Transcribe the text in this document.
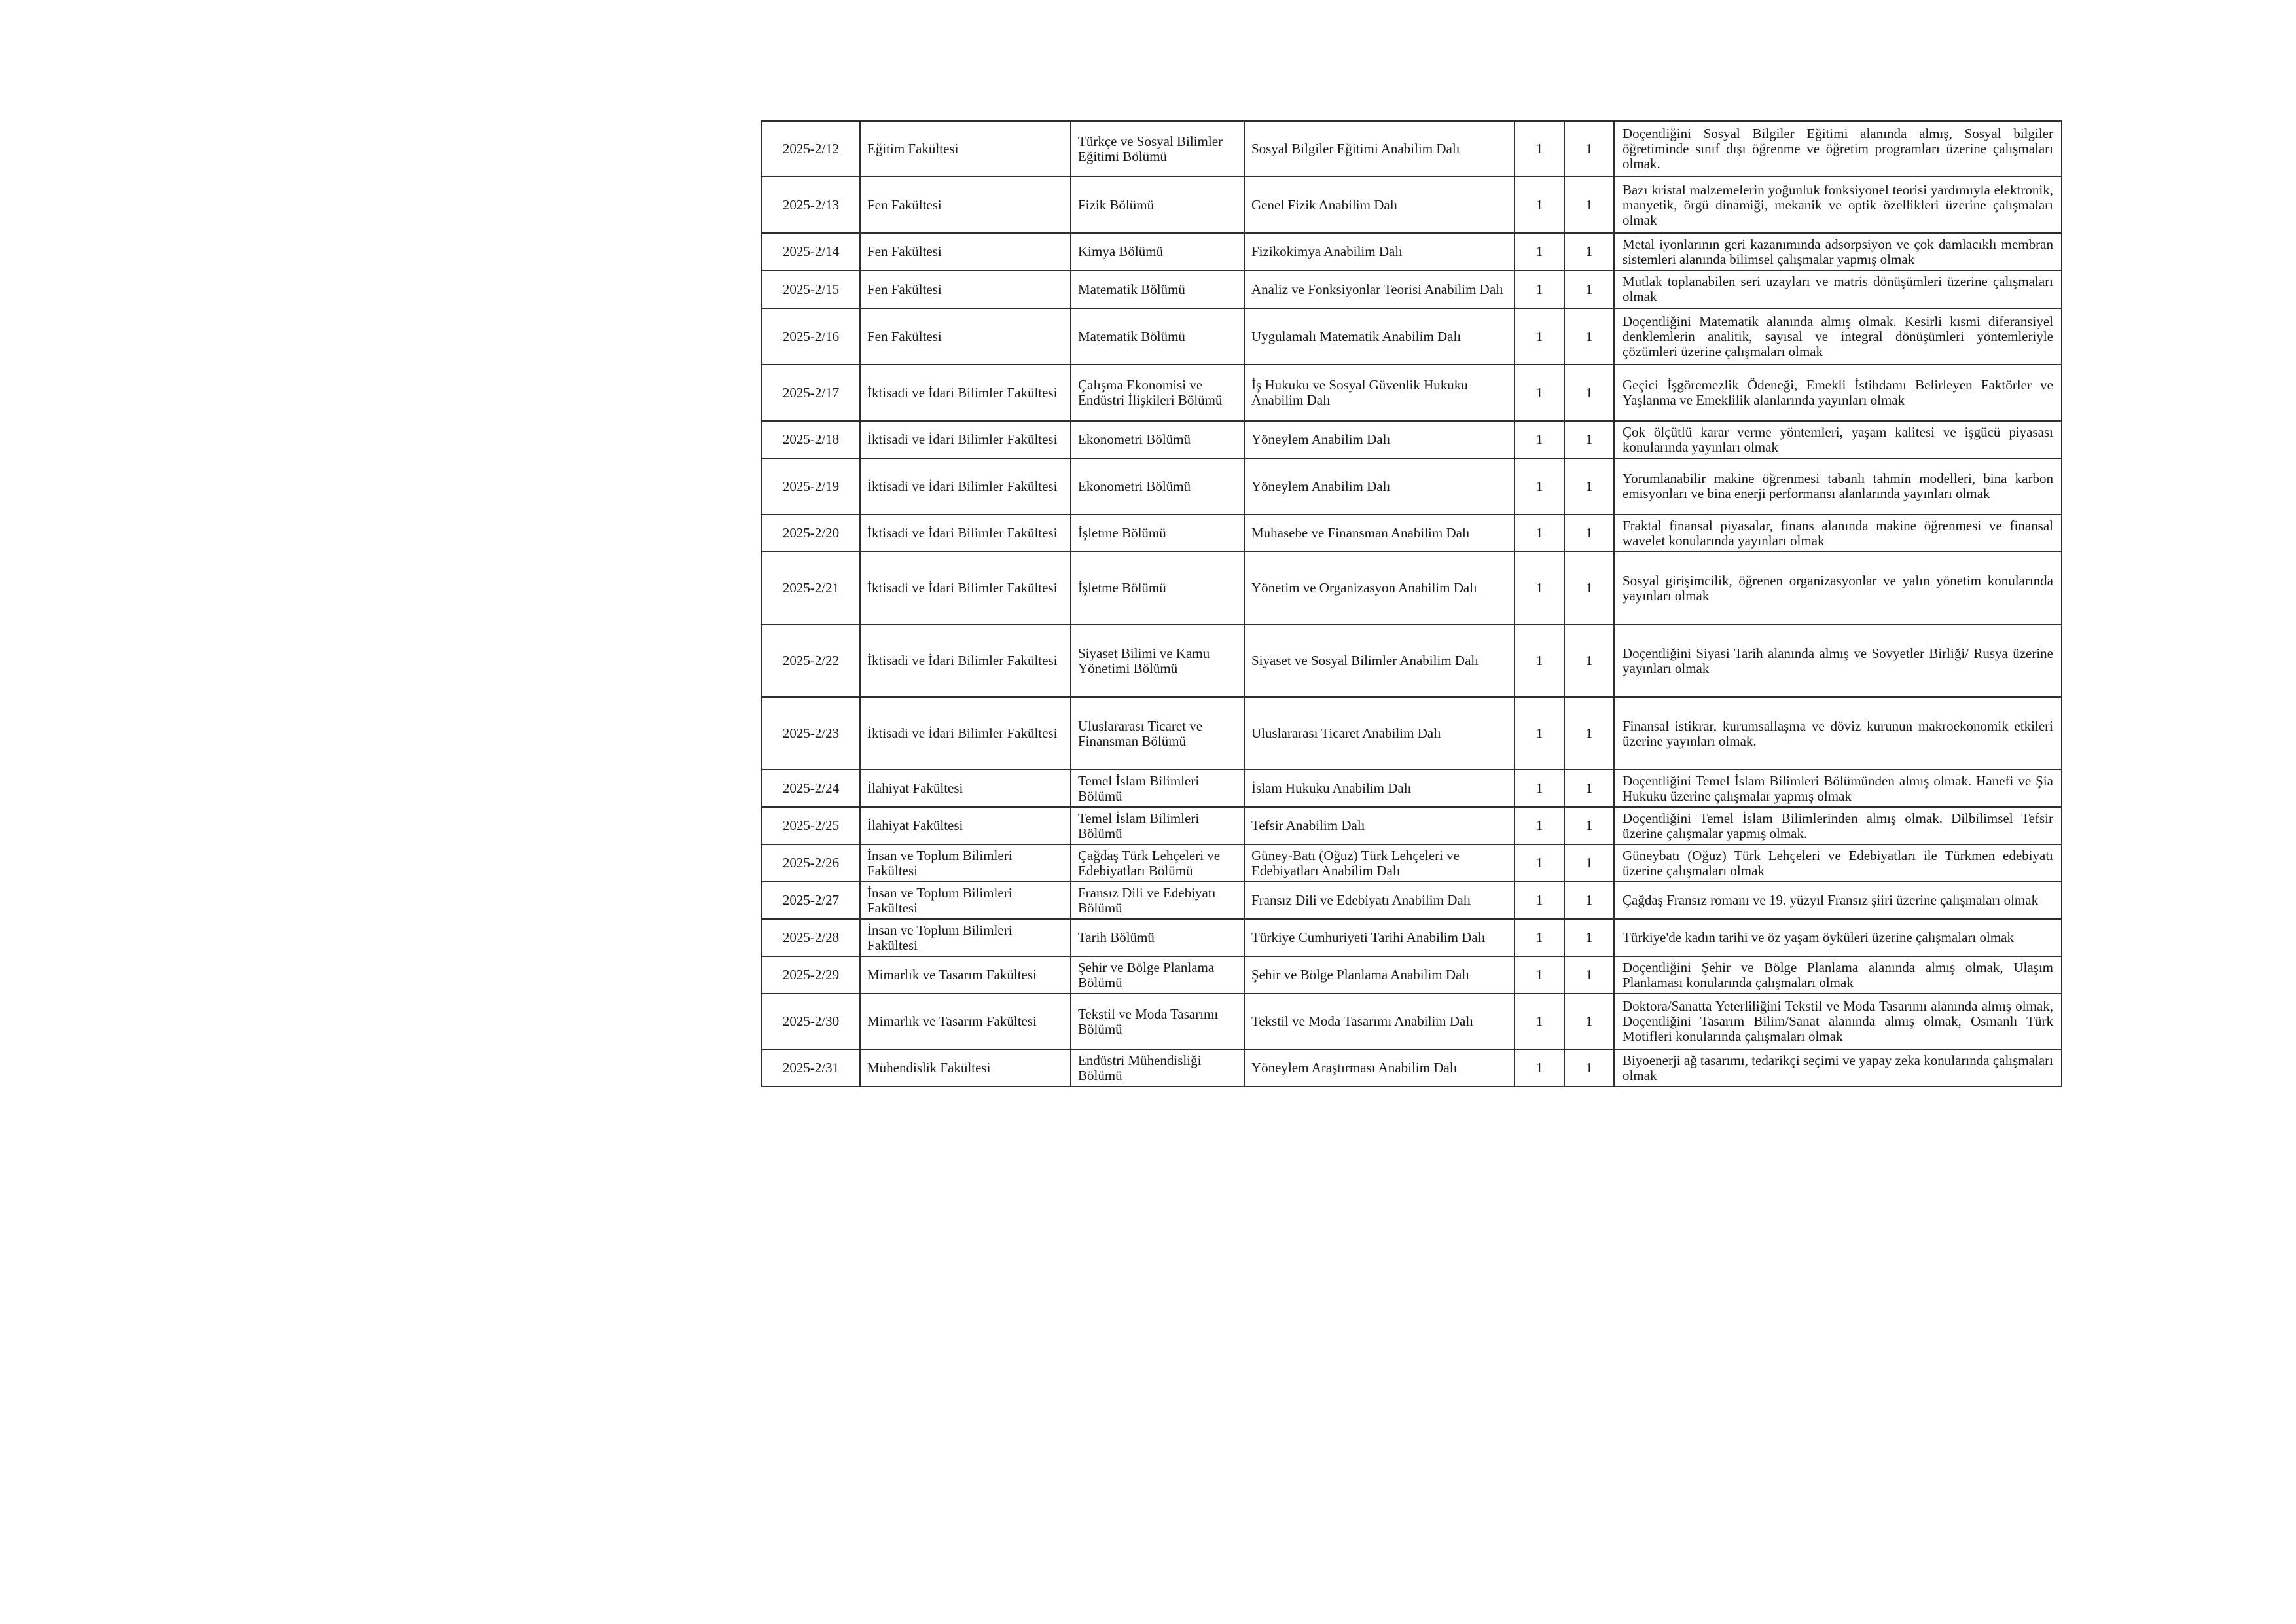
2025-2/12	Eğitim Fakültesi	Türkçe ve Sosyal Bilimler Eğitimi Bölümü	Sosyal Bilgiler Eğitimi Anabilim Dalı	1	1	Doçentliğini Sosyal Bilgiler Eğitimi alanında almış, Sosyal bilgiler öğretiminde sınıf dışı öğrenme ve öğretim programları üzerine çalışmaları olmak.
2025-2/13	Fen Fakültesi	Fizik Bölümü	Genel Fizik Anabilim Dalı	1	1	Bazı kristal malzemelerin yoğunluk fonksiyonel teorisi yardımıyla elektronik, manyetik, örgü dinamiği, mekanik ve optik özellikleri üzerine çalışmaları olmak
2025-2/14	Fen Fakültesi	Kimya Bölümü	Fizikokimya Anabilim Dalı	1	1	Metal iyonlarının geri kazanımında adsorpsiyon ve çok damlacıklı membran sistemleri alanında bilimsel çalışmalar yapmış olmak
2025-2/15	Fen Fakültesi	Matematik Bölümü	Analiz ve Fonksiyonlar Teorisi Anabilim Dalı	1	1	Mutlak toplanabilen seri uzayları ve matris dönüşümleri üzerine çalışmaları olmak
2025-2/16	Fen Fakültesi	Matematik Bölümü	Uygulamalı Matematik Anabilim Dalı	1	1	Doçentliğini Matematik alanında almış olmak. Kesirli kısmi diferansiyel denklemlerin analitik, sayısal ve integral dönüşümleri yöntemleriyle çözümleri üzerine çalışmaları olmak
2025-2/17	İktisadi ve İdari Bilimler Fakültesi	Çalışma Ekonomisi ve Endüstri İlişkileri Bölümü	İş Hukuku ve Sosyal Güvenlik Hukuku Anabilim Dalı	1	1	Geçici İşgöremezlik Ödeneği, Emekli İstihdamı Belirleyen Faktörler ve Yaşlanma ve Emeklilik alanlarında yayınları olmak
2025-2/18	İktisadi ve İdari Bilimler Fakültesi	Ekonometri Bölümü	Yöneylem Anabilim Dalı	1	1	Çok ölçütlü karar verme yöntemleri, yaşam kalitesi ve işgücü piyasası konularında yayınları olmak
2025-2/19	İktisadi ve İdari Bilimler Fakültesi	Ekonometri Bölümü	Yöneylem Anabilim Dalı	1	1	Yorumlanabilir makine öğrenmesi tabanlı tahmin modelleri, bina karbon emisyonları ve bina enerji performansı alanlarında yayınları olmak
2025-2/20	İktisadi ve İdari Bilimler Fakültesi	İşletme Bölümü	Muhasebe ve Finansman Anabilim Dalı	1	1	Fraktal finansal piyasalar, finans alanında makine öğrenmesi ve finansal wavelet konularında yayınları olmak
2025-2/21	İktisadi ve İdari Bilimler Fakültesi	İşletme Bölümü	Yönetim ve Organizasyon Anabilim Dalı	1	1	Sosyal girişimcilik, öğrenen organizasyonlar ve yalın yönetim konularında yayınları olmak
2025-2/22	İktisadi ve İdari Bilimler Fakültesi	Siyaset Bilimi ve Kamu Yönetimi Bölümü	Siyaset ve Sosyal Bilimler Anabilim Dalı	1	1	Doçentliğini Siyasi Tarih alanında almış ve Sovyetler Birliği/ Rusya üzerine yayınları olmak
2025-2/23	İktisadi ve İdari Bilimler Fakültesi	Uluslararası Ticaret ve Finansman Bölümü	Uluslararası Ticaret Anabilim Dalı	1	1	Finansal istikrar, kurumsallaşma ve döviz kurunun makroekonomik etkileri üzerine yayınları olmak.
2025-2/24	İlahiyat Fakültesi	Temel İslam Bilimleri Bölümü	İslam Hukuku Anabilim Dalı	1	1	Doçentliğini Temel İslam Bilimleri Bölümünden almış olmak. Hanefi ve Şia Hukuku üzerine çalışmalar yapmış olmak
2025-2/25	İlahiyat Fakültesi	Temel İslam Bilimleri Bölümü	Tefsir Anabilim Dalı	1	1	Doçentliğini Temel İslam Bilimlerinden almış olmak. Dilbilimsel Tefsir üzerine çalışmalar yapmış olmak.
2025-2/26	İnsan ve Toplum Bilimleri Fakültesi	Çağdaş Türk Lehçeleri ve Edebiyatları Bölümü	Güney-Batı (Oğuz) Türk Lehçeleri ve Edebiyatları Anabilim Dalı	1	1	Güneybatı (Oğuz) Türk Lehçeleri ve Edebiyatları ile Türkmen edebiyatı üzerine çalışmaları olmak
2025-2/27	İnsan ve Toplum Bilimleri Fakültesi	Fransız Dili ve Edebiyatı Bölümü	Fransız Dili ve Edebiyatı Anabilim Dalı	1	1	Çağdaş Fransız romanı ve 19. yüzyıl Fransız şiiri üzerine çalışmaları olmak
2025-2/28	İnsan ve Toplum Bilimleri Fakültesi	Tarih Bölümü	Türkiye Cumhuriyeti Tarihi Anabilim Dalı	1	1	Türkiye'de kadın tarihi ve öz yaşam öyküleri üzerine çalışmaları olmak
2025-2/29	Mimarlık ve Tasarım Fakültesi	Şehir ve Bölge Planlama Bölümü	Şehir ve Bölge Planlama Anabilim Dalı	1	1	Doçentliğini Şehir ve Bölge Planlama alanında almış olmak, Ulaşım Planlaması konularında çalışmaları olmak
2025-2/30	Mimarlık ve Tasarım Fakültesi	Tekstil ve Moda Tasarımı Bölümü	Tekstil ve Moda Tasarımı Anabilim Dalı	1	1	Doktora/Sanatta Yeterliliğini Tekstil ve Moda Tasarımı alanında almış olmak, Doçentliğini Tasarım Bilim/Sanat alanında almış olmak, Osmanlı Türk Motifleri konularında çalışmaları olmak
2025-2/31	Mühendislik Fakültesi	Endüstri Mühendisliği Bölümü	Yöneylem Araştırması Anabilim Dalı	1	1	Biyoenerji ağ tasarımı, tedarikçi seçimi ve yapay zeka konularında çalışmaları olmak
